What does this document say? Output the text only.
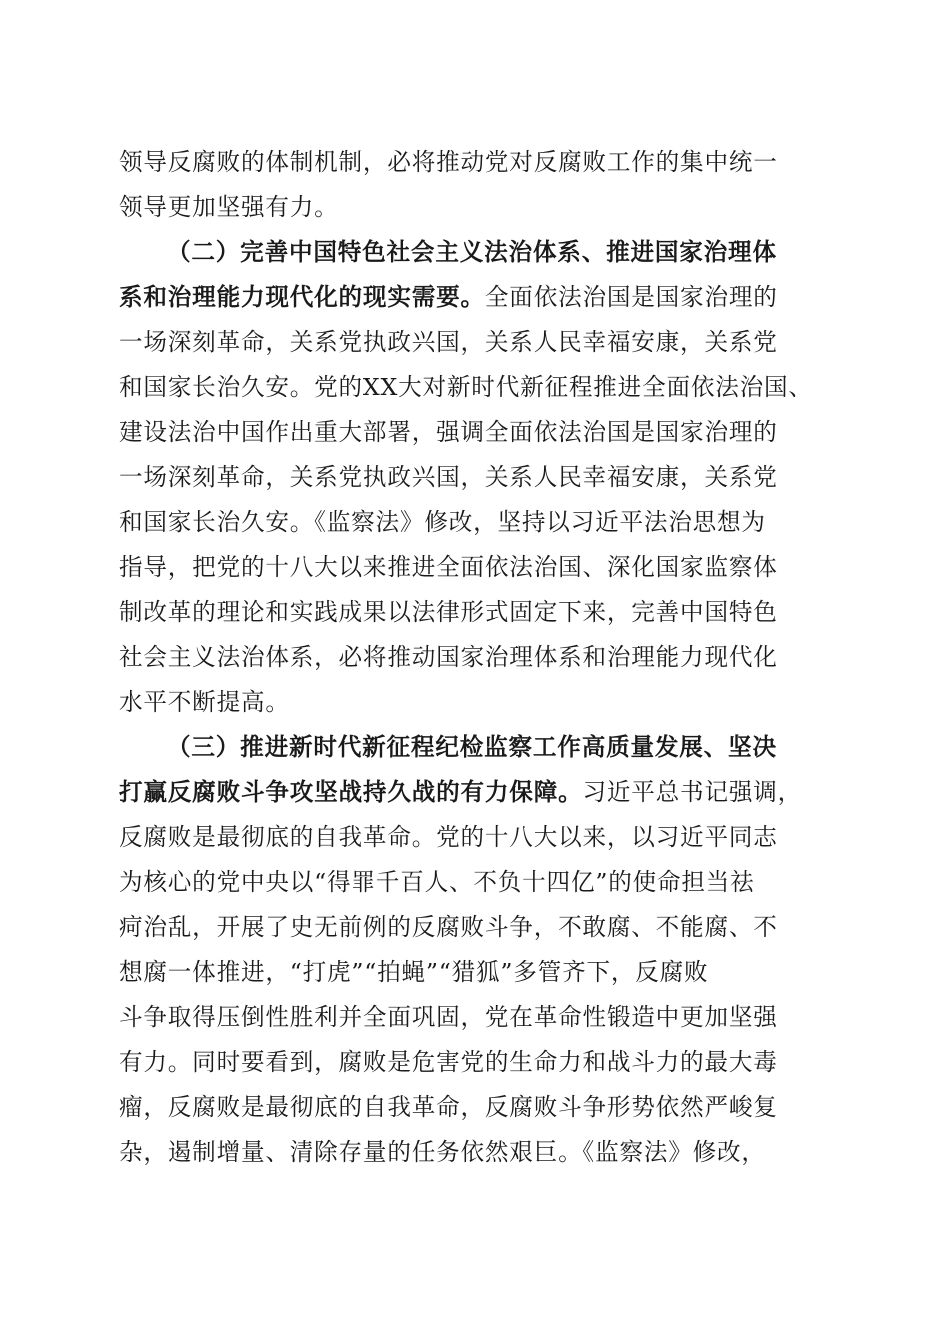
领导反腐败的体制机制，必将推动党对反腐败工作的集中统一
领导更加坚强有力。
（二）完善中国特色社会主义法治体系、推进国家治理体
系和治理能力现代化的现实需要。全面依法治国是国家治理的
一场深刻革命，关系党执政兴国，关系人民幸福安康，关系党
和国家长治久安。党的XX大对新时代新征程推进全面依法治国、
建设法治中国作出重大部署，强调全面依法治国是国家治理的
一场深刻革命，关系党执政兴国，关系人民幸福安康，关系党
和国家长治久安。《监察法》修改，坚持以习近平法治思想为
指导，把党的十八大以来推进全面依法治国、深化国家监察体
制改革的理论和实践成果以法律形式固定下来，完善中国特色
社会主义法治体系，必将推动国家治理体系和治理能力现代化
水平不断提高。
（三）推进新时代新征程纪检监察工作高质量发展、坚决
打赢反腐败斗争攻坚战持久战的有力保障。习近平总书记强调，
反腐败是最彻底的自我革命。党的十八大以来，以习近平同志
为核心的党中央以“得罪千百人、不负十四亿”的使命担当祛
疴治乱，开展了史无前例的反腐败斗争，不敢腐、不能腐、不
想腐一体推进，“打虎”“拍蝇”“猎狐”多管齐下，反腐败
斗争取得压倒性胜利并全面巩固，党在革命性锻造中更加坚强
有力。同时要看到，腐败是危害党的生命力和战斗力的最大毒
瘤，反腐败是最彻底的自我革命，反腐败斗争形势依然严峻复
杂，遏制增量、清除存量的任务依然艰巨。《监察法》修改，
